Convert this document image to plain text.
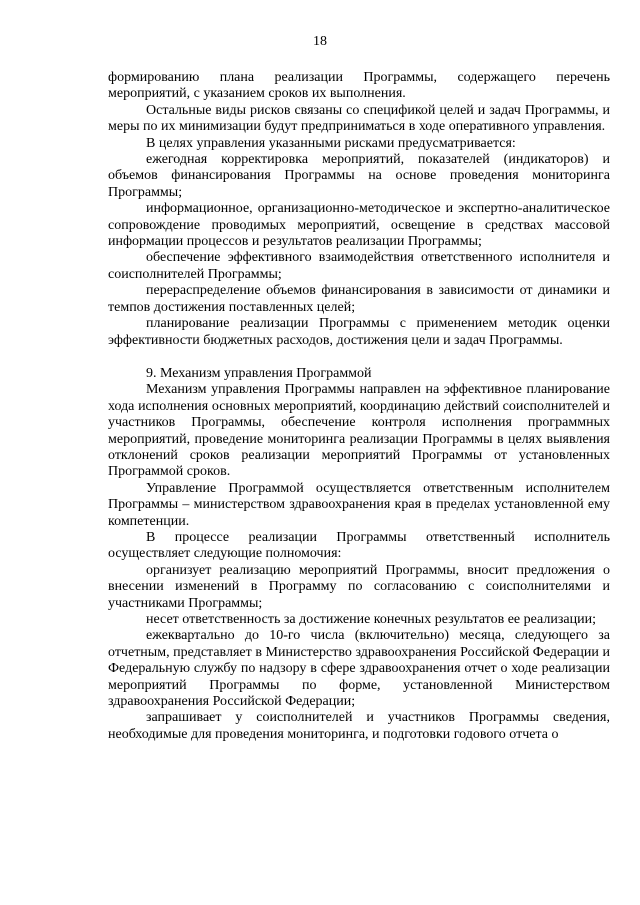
18

формированию плана реализации Программы, содержащего перечень мероприятий, с указанием сроков их выполнения.

Остальные виды рисков связаны со спецификой целей и задач Программы, и меры по их минимизации будут предприниматься в ходе оперативного управления.

В целях управления указанными рисками предусматривается:

ежегодная корректировка мероприятий, показателей (индикаторов) и объемов финансирования Программы на основе проведения мониторинга Программы;

информационное, организационно-методическое и экспертно-аналитическое сопровождение проводимых мероприятий, освещение в средствах массовой информации процессов и результатов реализации Программы;

обеспечение эффективного взаимодействия ответственного исполнителя и соисполнителей Программы;

перераспределение объемов финансирования в зависимости от динамики и темпов достижения поставленных целей;

планирование реализации Программы с применением методик оценки эффективности бюджетных расходов, достижения цели и задач Программы.

9. Механизм управления Программой

Механизм управления Программы направлен на эффективное планирование хода исполнения основных мероприятий, координацию действий соисполнителей и участников Программы, обеспечение контроля исполнения программных мероприятий, проведение мониторинга реализации Программы в целях выявления отклонений сроков реализации мероприятий Программы от установленных Программой сроков.

Управление Программой осуществляется ответственным исполнителем Программы – министерством здравоохранения края в пределах установленной ему компетенции.

В процессе реализации Программы ответственный исполнитель осуществляет следующие полномочия:

организует реализацию мероприятий Программы, вносит предложения о внесении изменений в Программу по согласованию с соисполнителями и участниками Программы;

несет ответственность за достижение конечных результатов ее реализации;

ежеквартально до 10-го числа (включительно) месяца, следующего за отчетным, представляет в Министерство здравоохранения Российской Федерации и Федеральную службу по надзору в сфере здравоохранения отчет о ходе реализации мероприятий Программы по форме, установленной Министерством здравоохранения Российской Федерации;

запрашивает у соисполнителей и участников Программы сведения, необходимые для проведения мониторинга, и подготовки годового отчета о
